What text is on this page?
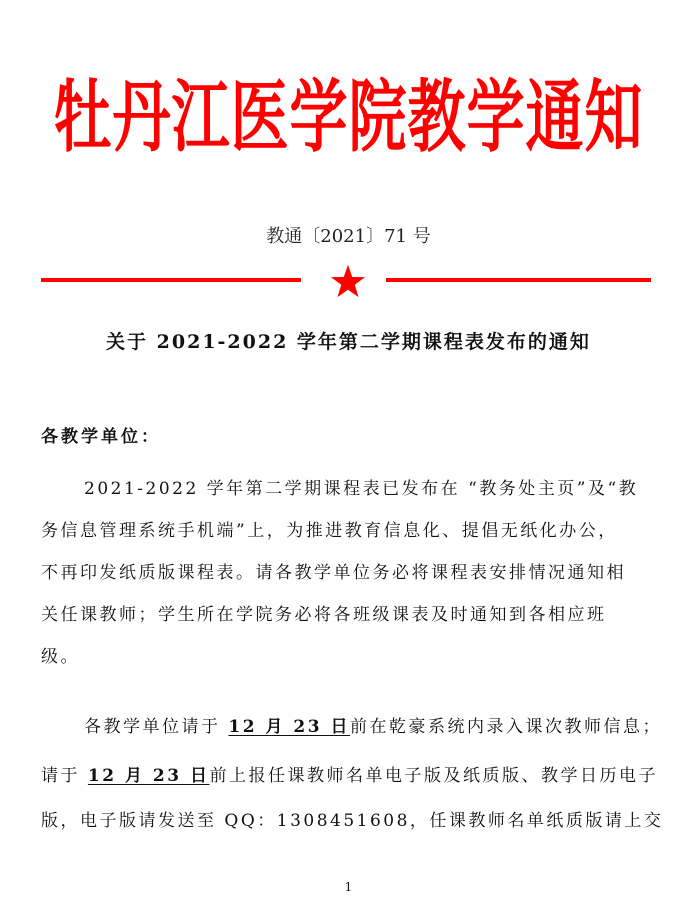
牡丹江医学院教学通知
教通〔2021〕71 号
关于 2021-2022 学年第二学期课程表发布的通知
各教学单位：
2021-2022 学年第二学期课程表已发布在 “教务处主页”及“教
务信息管理系统手机端”上，为推进教育信息化、提倡无纸化办公，
不再印发纸质版课程表。请各教学单位务必将课程表安排情况通知相
关任课教师；学生所在学院务必将各班级课表及时通知到各相应班
级。
各教学单位请于 12 月 23 日前在乾豪系统内录入课次教师信息；
请于 12 月 23 日前上报任课教师名单电子版及纸质版、教学日历电子
版，电子版请发送至 QQ：1308451608，任课教师名单纸质版请上交
1
